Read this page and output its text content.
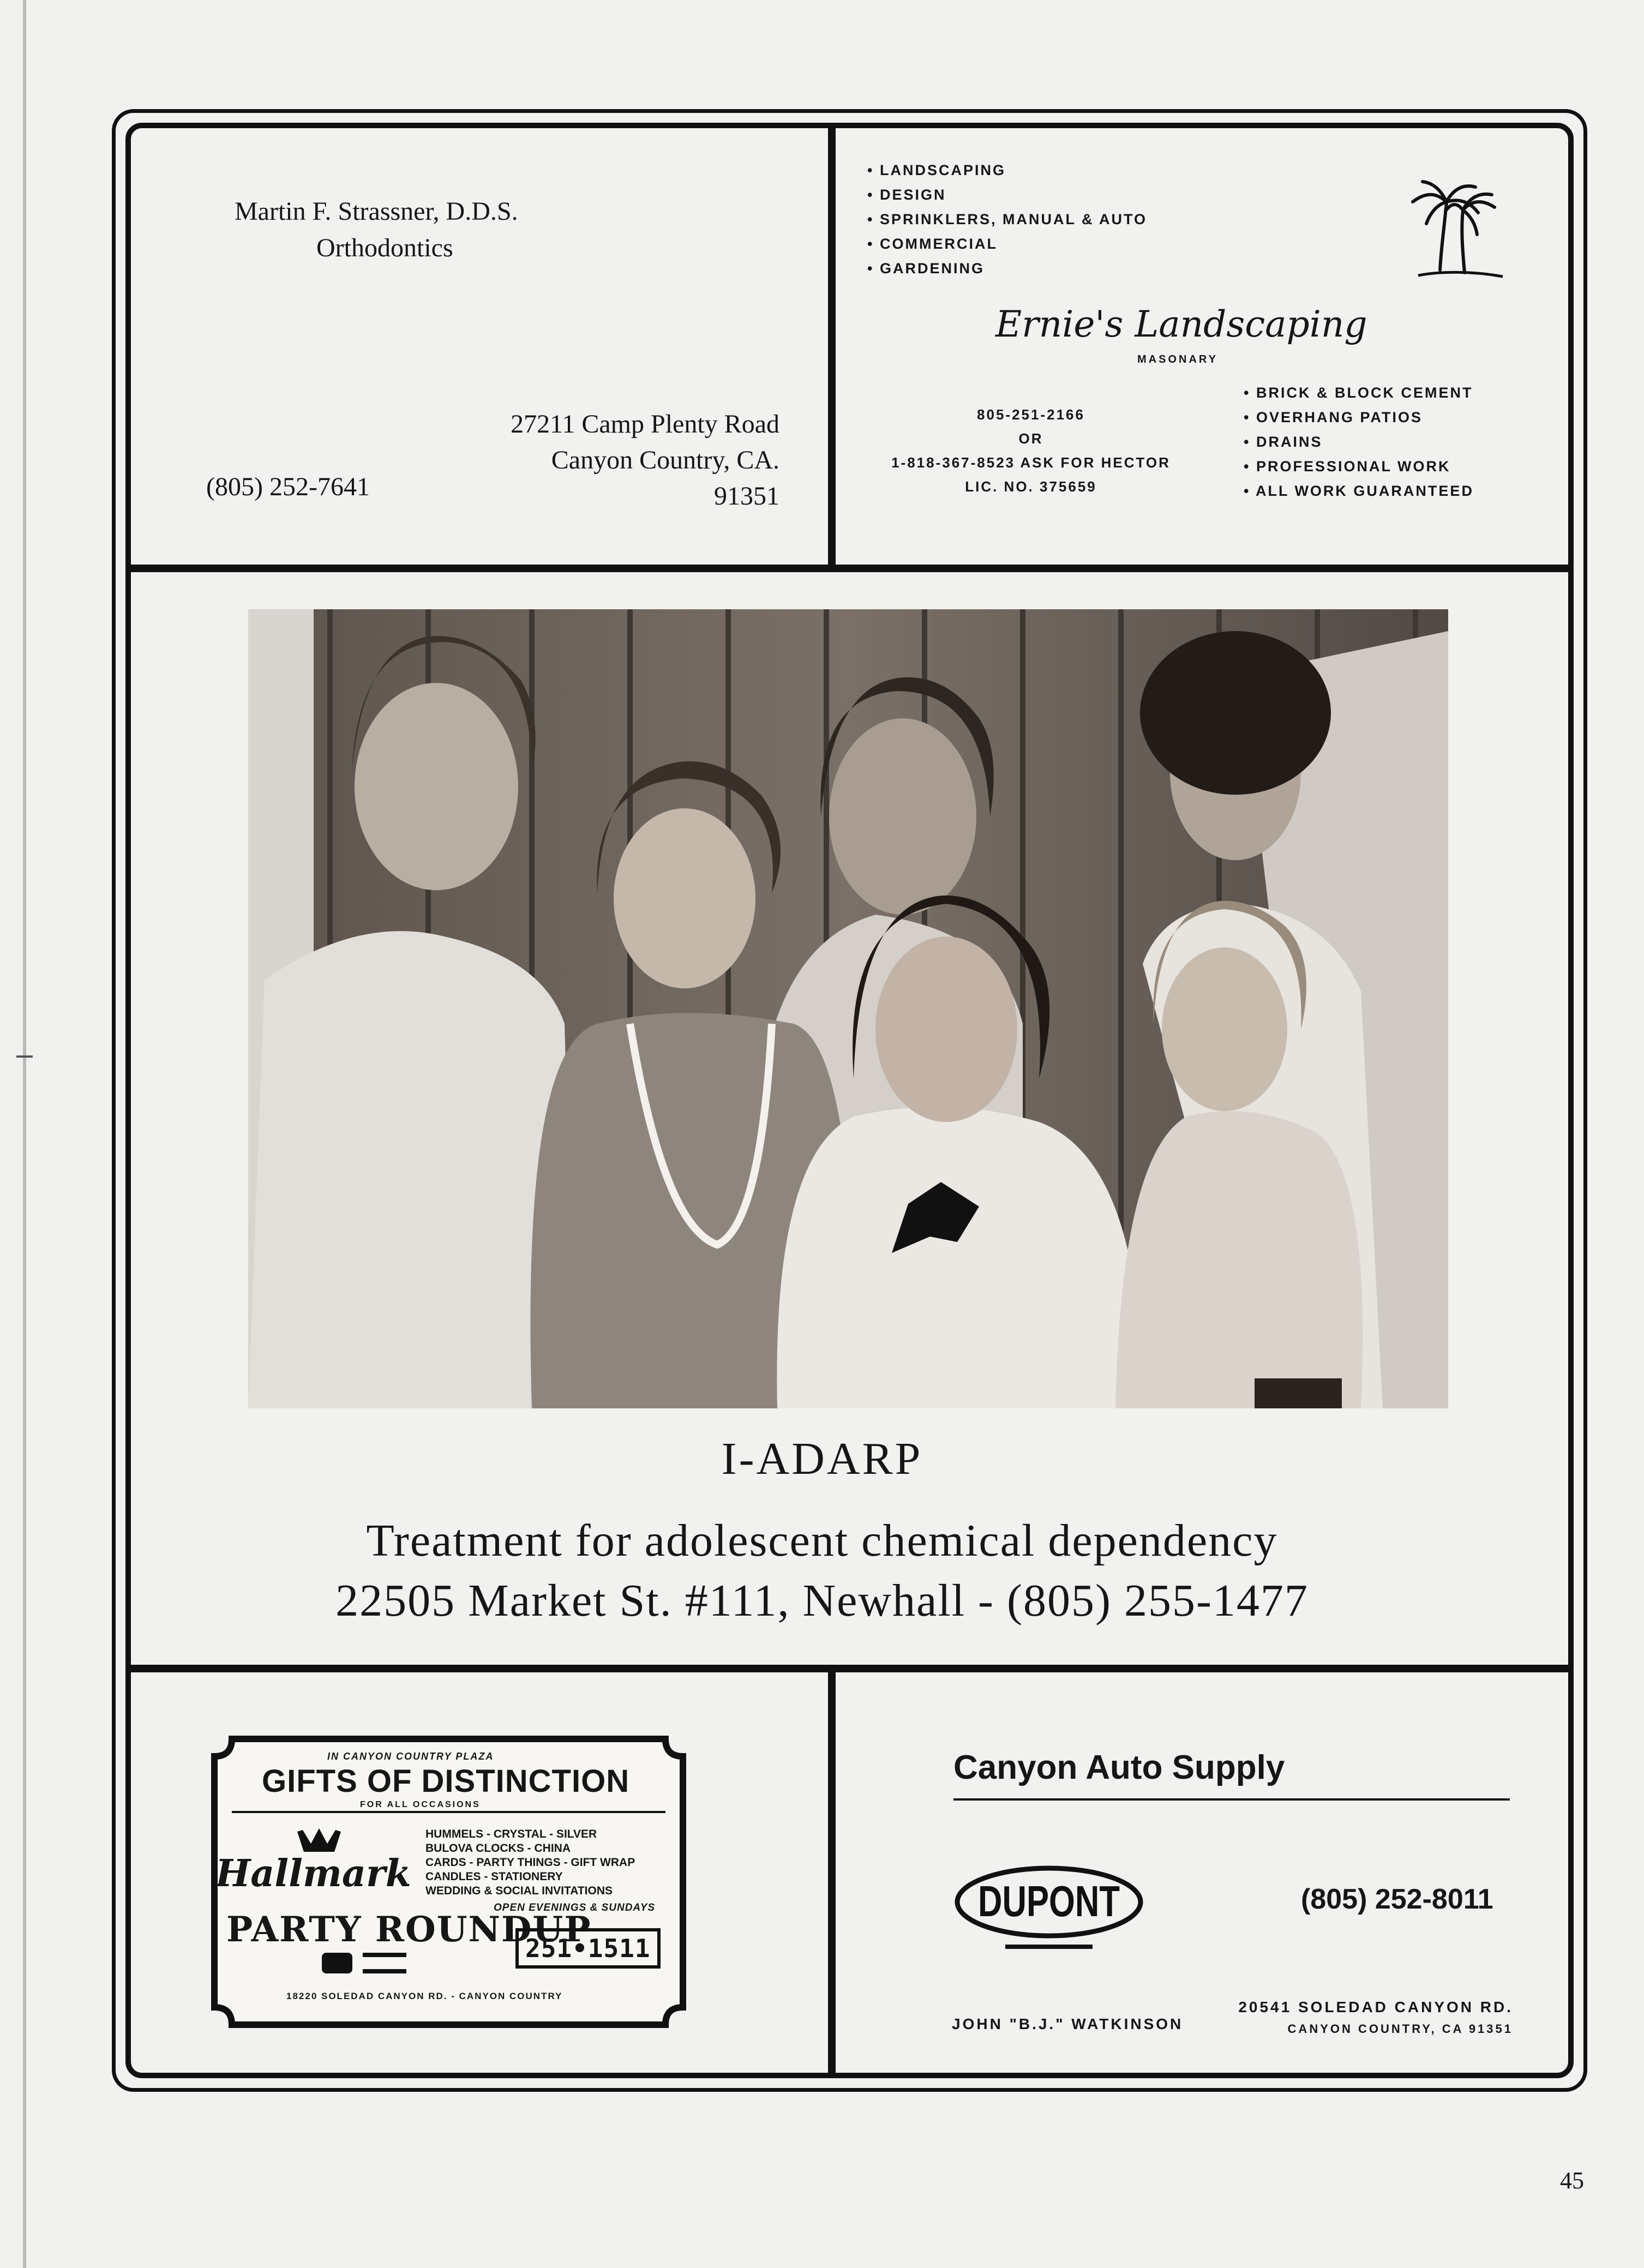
Martin F. Strassner, D.D.S.
Orthodontics
27211 Camp Plenty Road
Canyon Country, CA.
91351
(805) 252-7641
• LANDSCAPING
• DESIGN
• SPRINKLERS, MANUAL & AUTO
• COMMERCIAL
• GARDENING
Ernie's Landscaping
MASONARY
805-251-2166
OR
1-818-367-8523 ASK FOR HECTOR
LIC. NO. 375659
• BRICK & BLOCK CEMENT
• OVERHANG PATIOS
• DRAINS
• PROFESSIONAL WORK
• ALL WORK GUARANTEED
I-ADARP
Treatment for adolescent chemical dependency
22505 Market St. #111, Newhall - (805) 255-1477
IN CANYON COUNTRY PLAZA
GIFTS OF DISTINCTION
FOR ALL OCCASIONS
HUMMELS - CRYSTAL - SILVER
BULOVA CLOCKS - CHINA
CARDS - PARTY THINGS - GIFT WRAP
CANDLES - STATIONERY
WEDDING & SOCIAL INVITATIONS
Hallmark
OPEN EVENINGS & SUNDAYS
PARTY ROUNDUP
251•1511
18220 SOLEDAD CANYON RD. - CANYON COUNTRY
Canyon Auto Supply
DUPONT	(805) 252-8011
JOHN "B.J." WATKINSON
20541 SOLEDAD CANYON RD.
CANYON COUNTRY, CA 91351
45
